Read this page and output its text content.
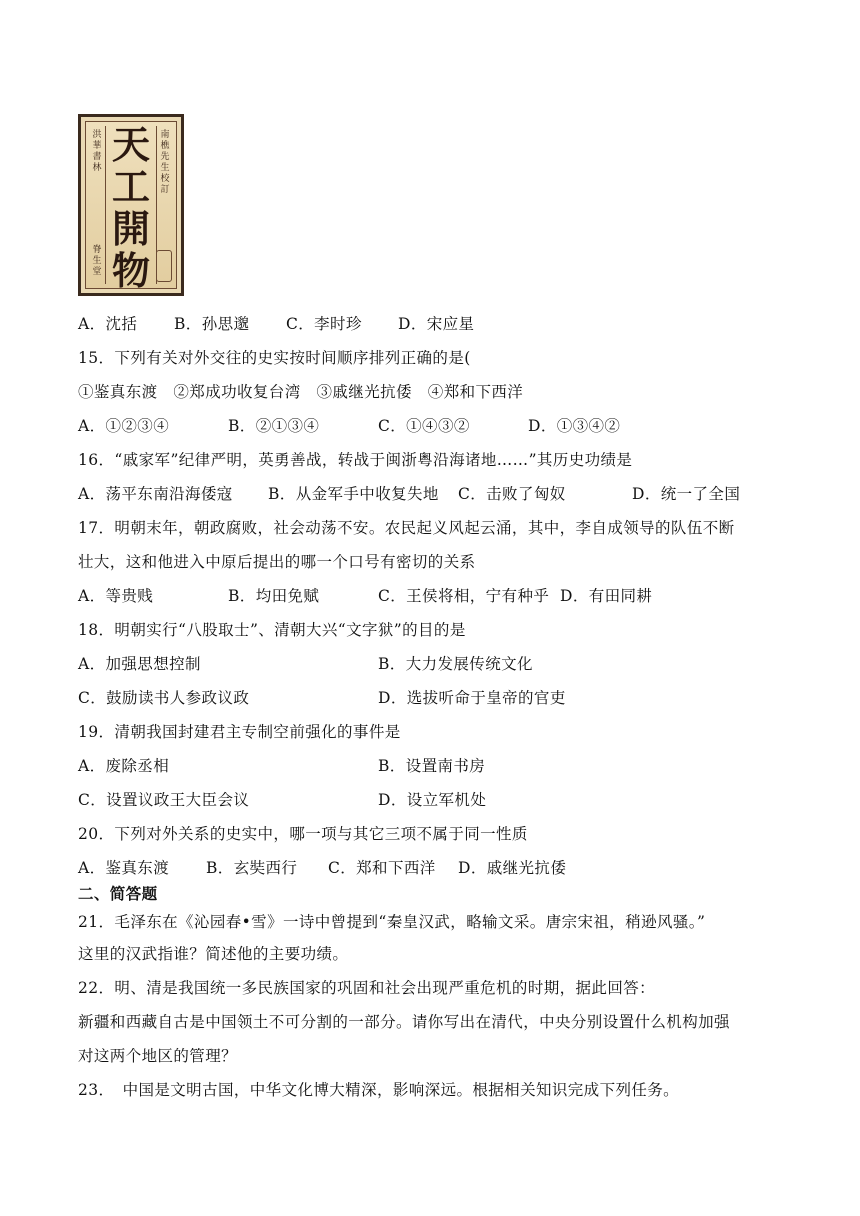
洪華書林
脊生堂
天
工
開
物
南樵先生校訂
A．沈括 B．孙思邈 C．李时珍 D．宋应星
15．下列有关对外交往的史实按时间顺序排列正确的是(
①鉴真东渡　②郑成功收复台湾　③戚继光抗倭　④郑和下西洋
A．①②③④	B．②①③④	C．①④③②	D．①③④②
16．“戚家军”纪律严明，英勇善战，转战于闽浙粤沿海诸地……”其历史功绩是
A．荡平东南沿海倭寇 B．从金军手中收复失地 C．击败了匈奴	D．统一了全国
17．明朝末年，朝政腐败，社会动荡不安。农民起义风起云涌，其中，李自成领导的队伍不断
壮大，这和他进入中原后提出的哪一个口号有密切的关系
A．等贵贱	B．均田免赋	C．王侯将相，宁有种乎 D．有田同耕
18．明朝实行“八股取士”、清朝大兴“文字狱”的目的是
A．加强思想控制	B．大力发展传统文化
C．鼓励读书人参政议政	D．选拔听命于皇帝的官吏
19．清朝我国封建君主专制空前强化的事件是
A．废除丞相	B．设置南书房
C．设置议政王大臣会议	D．设立军机处
20．下列对外关系的史实中，哪一项与其它三项不属于同一性质
A．鉴真东渡 B．玄奘西行 C．郑和下西洋 D．戚继光抗倭
二、简答题
21．毛泽东在《沁园春•雪》一诗中曾提到“秦皇汉武，略输文采。唐宗宋祖，稍逊风骚。”
这里的汉武指谁？简述他的主要功绩。
22．明、清是我国统一多民族国家的巩固和社会出现严重危机的时期，据此回答：
新疆和西藏自古是中国领土不可分割的一部分。请你写出在清代，中央分别设置什么机构加强
对这两个地区的管理？
23．　中国是文明古国，中华文化博大精深，影响深远。根据相关知识完成下列任务。
